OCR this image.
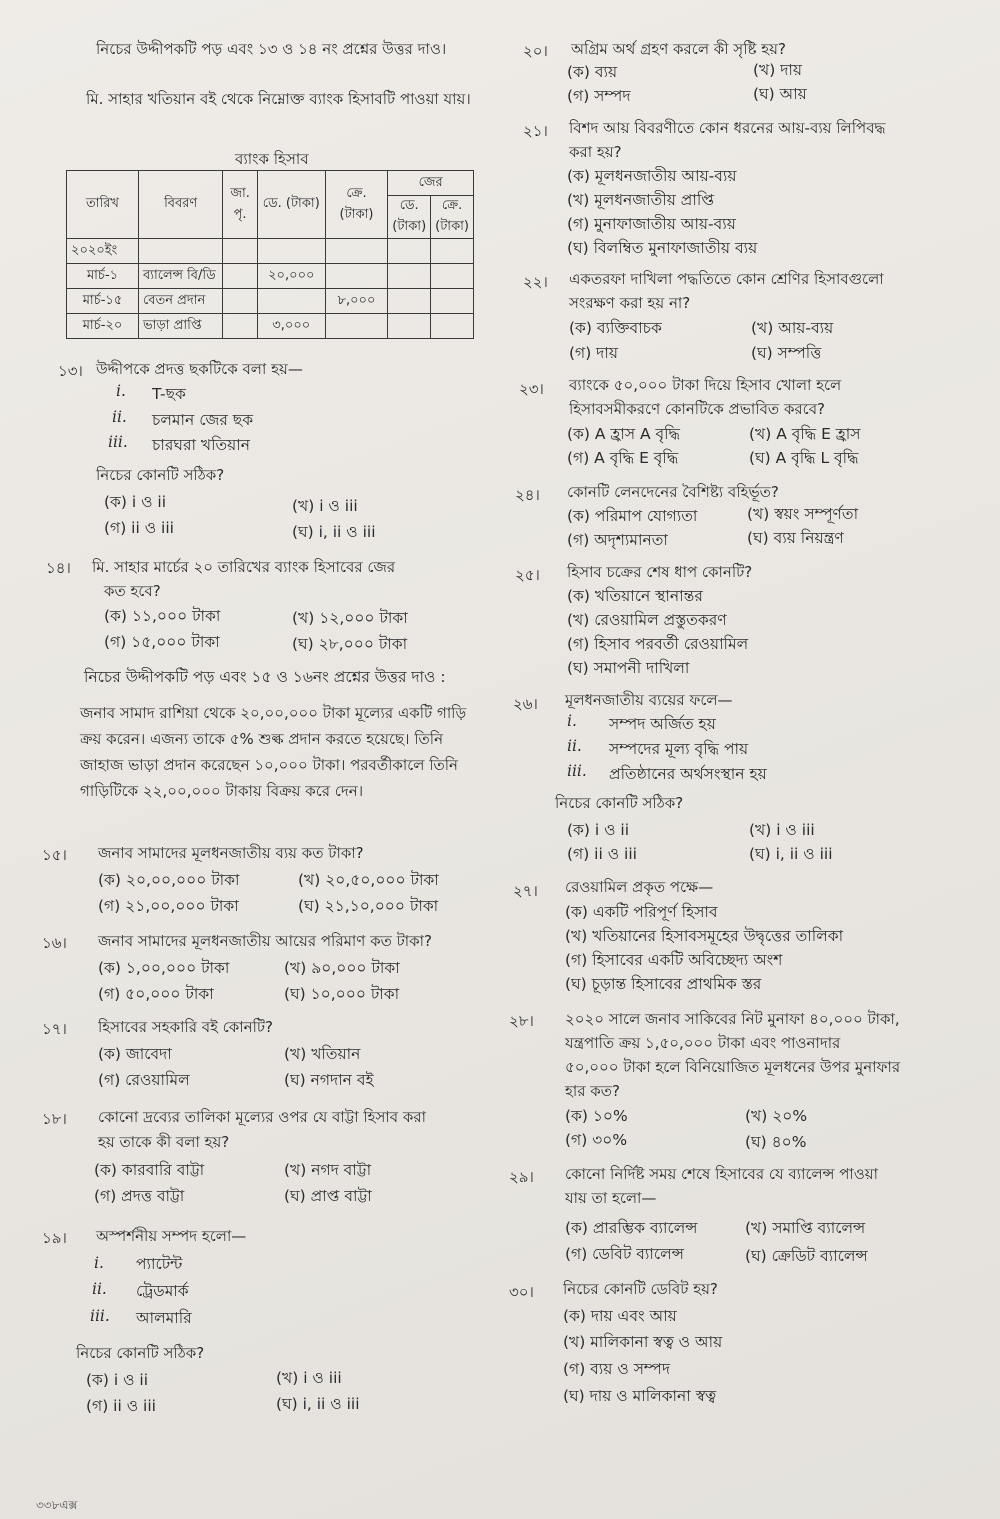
নিচের উদ্দীপকটি পড় এবং ১৩ ও ১৪ নং প্রশ্নের উত্তর দাও।
মি. সাহার খতিয়ান বই থেকে নিম্নোক্ত ব্যাংক হিসাবটি পাওয়া যায়।
ব্যাংক হিসাব
তারিখ	বিবরণ	জা. পৃ.	ডে. (টাকা)	ক্রে. (টাকা)	জের	
					ডে. (টাকা)	ক্রে. (টাকা)
২০২০ইং						
মার্চ-১	ব্যালেন্স বি/ডি		২০,০০০			
মার্চ-১৫	বেতন প্রদান			৮,০০০		
মার্চ-২০	ভাড়া প্রাপ্তি		৩,০০০			
১৩। উদ্দীপকে প্রদত্ত ছকটিকে বলা হয়—
i. T-ছক
ii. চলমান জের ছক
iii. চারঘরা খতিয়ান
নিচের কোনটি সঠিক?
(ক) i ও ii	(খ) i ও iii
(গ) ii ও iii	(ঘ) i, ii ও iii
১৪। মি. সাহার মার্চের ২০ তারিখের ব্যাংক হিসাবের জের
কত হবে?
(ক) ১১,০০০ টাকা	(খ) ১২,০০০ টাকা
(গ) ১৫,০০০ টাকা	(ঘ) ২৮,০০০ টাকা
নিচের উদ্দীপকটি পড় এবং ১৫ ও ১৬নং প্রশ্নের উত্তর দাও :
জনাব সামাদ রাশিয়া থেকে ২০,০০,০০০ টাকা মূল্যের একটি গাড়ি ক্রয় করেন। এজন্য তাকে ৫% শুল্ক প্রদান করতে হয়েছে। তিনি জাহাজ ভাড়া প্রদান করেছেন ১০,০০০ টাকা। পরবর্তীকালে তিনি গাড়িটিকে ২২,০০,০০০ টাকায় বিক্রয় করে দেন।
১৫। জনাব সামাদের মূলধনজাতীয় ব্যয় কত টাকা?
(ক) ২০,০০,০০০ টাকা	(খ) ২০,৫০,০০০ টাকা
(গ) ২১,০০,০০০ টাকা	(ঘ) ২১,১০,০০০ টাকা
১৬। জনাব সামাদের মূলধনজাতীয় আয়ের পরিমাণ কত টাকা?
(ক) ১,০০,০০০ টাকা	(খ) ৯০,০০০ টাকা
(গ) ৫০,০০০ টাকা	(ঘ) ১০,০০০ টাকা
১৭। হিসাবের সহকারি বই কোনটি?
(ক) জাবেদা	(খ) খতিয়ান
(গ) রেওয়ামিল	(ঘ) নগদান বই
১৮। কোনো দ্রব্যের তালিকা মূল্যের ওপর যে বাট্টা হিসাব করা
হয় তাকে কী বলা হয়?
(ক) কারবারি বাট্টা	(খ) নগদ বাট্টা
(গ) প্রদত্ত বাট্টা	(ঘ) প্রাপ্ত বাট্টা
১৯। অস্পর্শনীয় সম্পদ হলো—
i. প্যাটেন্ট
ii. ট্রেডমার্ক
iii. আলমারি
নিচের কোনটি সঠিক?
(ক) i ও ii	(খ) i ও iii
(গ) ii ও iii	(ঘ) i, ii ও iii
৩৩৮এক্স
২০। অগ্রিম অর্থ গ্রহণ করলে কী সৃষ্টি হয়?
(ক) ব্যয়	(খ) দায়
(গ) সম্পদ	(ঘ) আয়
২১। বিশদ আয় বিবরণীতে কোন ধরনের আয়-ব্যয় লিপিবদ্ধ
করা হয়?
(ক) মূলধনজাতীয় আয়-ব্যয়
(খ) মূলধনজাতীয় প্রাপ্তি
(গ) মুনাফাজাতীয় আয়-ব্যয়
(ঘ) বিলম্বিত মুনাফাজাতীয় ব্যয়
২২। একতরফা দাখিলা পদ্ধতিতে কোন শ্রেণির হিসাবগুলো
সংরক্ষণ করা হয় না?
(ক) ব্যক্তিবাচক	(খ) আয়-ব্যয়
(গ) দায়	(ঘ) সম্পত্তি
২৩। ব্যাংকে ৫০,০০০ টাকা দিয়ে হিসাব খোলা হলে
হিসাবসমীকরণে কোনটিকে প্রভাবিত করবে?
(ক) A হ্রাস A বৃদ্ধি	(খ) A বৃদ্ধি E হ্রাস
(গ) A বৃদ্ধি E বৃদ্ধি	(ঘ) A বৃদ্ধি L বৃদ্ধি
২৪। কোনটি লেনদেনের বৈশিষ্ট্য বহির্ভূত?
(ক) পরিমাপ যোগ্যতা	(খ) স্বয়ং সম্পূর্ণতা
(গ) অদৃশ্যমানতা	(ঘ) ব্যয় নিয়ন্ত্রণ
২৫। হিসাব চক্রের শেষ ধাপ কোনটি?
(ক) খতিয়ানে স্থানান্তর
(খ) রেওয়ামিল প্রস্তুতকরণ
(গ) হিসাব পরবর্তী রেওয়ামিল
(ঘ) সমাপনী দাখিলা
২৬। মূলধনজাতীয় ব্যয়ের ফলে—
i. সম্পদ অর্জিত হয়
ii. সম্পদের মূল্য বৃদ্ধি পায়
iii. প্রতিষ্ঠানের অর্থসংস্থান হয়
নিচের কোনটি সঠিক?
(ক) i ও ii	(খ) i ও iii
(গ) ii ও iii	(ঘ) i, ii ও iii
২৭। রেওয়ামিল প্রকৃত পক্ষে—
(ক) একটি পরিপূর্ণ হিসাব
(খ) খতিয়ানের হিসাবসমূহের উদ্বৃত্তের তালিকা
(গ) হিসাবের একটি অবিচ্ছেদ্য অংশ
(ঘ) চূড়ান্ত হিসাবের প্রাথমিক স্তর
২৮। ২০২০ সালে জনাব সাকিবের নিট মুনাফা ৪০,০০০ টাকা,
যন্ত্রপাতি ক্রয় ১,৫০,০০০ টাকা এবং পাওনাদার
৫০,০০০ টাকা হলে বিনিয়োজিত মূলধনের উপর মুনাফার
হার কত?
(ক) ১০%	(খ) ২০%
(গ) ৩০%	(ঘ) ৪০%
২৯। কোনো নির্দিষ্ট সময় শেষে হিসাবের যে ব্যালেন্স পাওয়া
যায় তা হলো—
(ক) প্রারম্ভিক ব্যালেন্স	(খ) সমাপ্তি ব্যালেন্স
(গ) ডেবিট ব্যালেন্স	(ঘ) ক্রেডিট ব্যালেন্স
৩০। নিচের কোনটি ডেবিট হয়?
(ক) দায় এবং আয়
(খ) মালিকানা স্বত্ব ও আয়
(গ) ব্যয় ও সম্পদ
(ঘ) দায় ও মালিকানা স্বত্ব
